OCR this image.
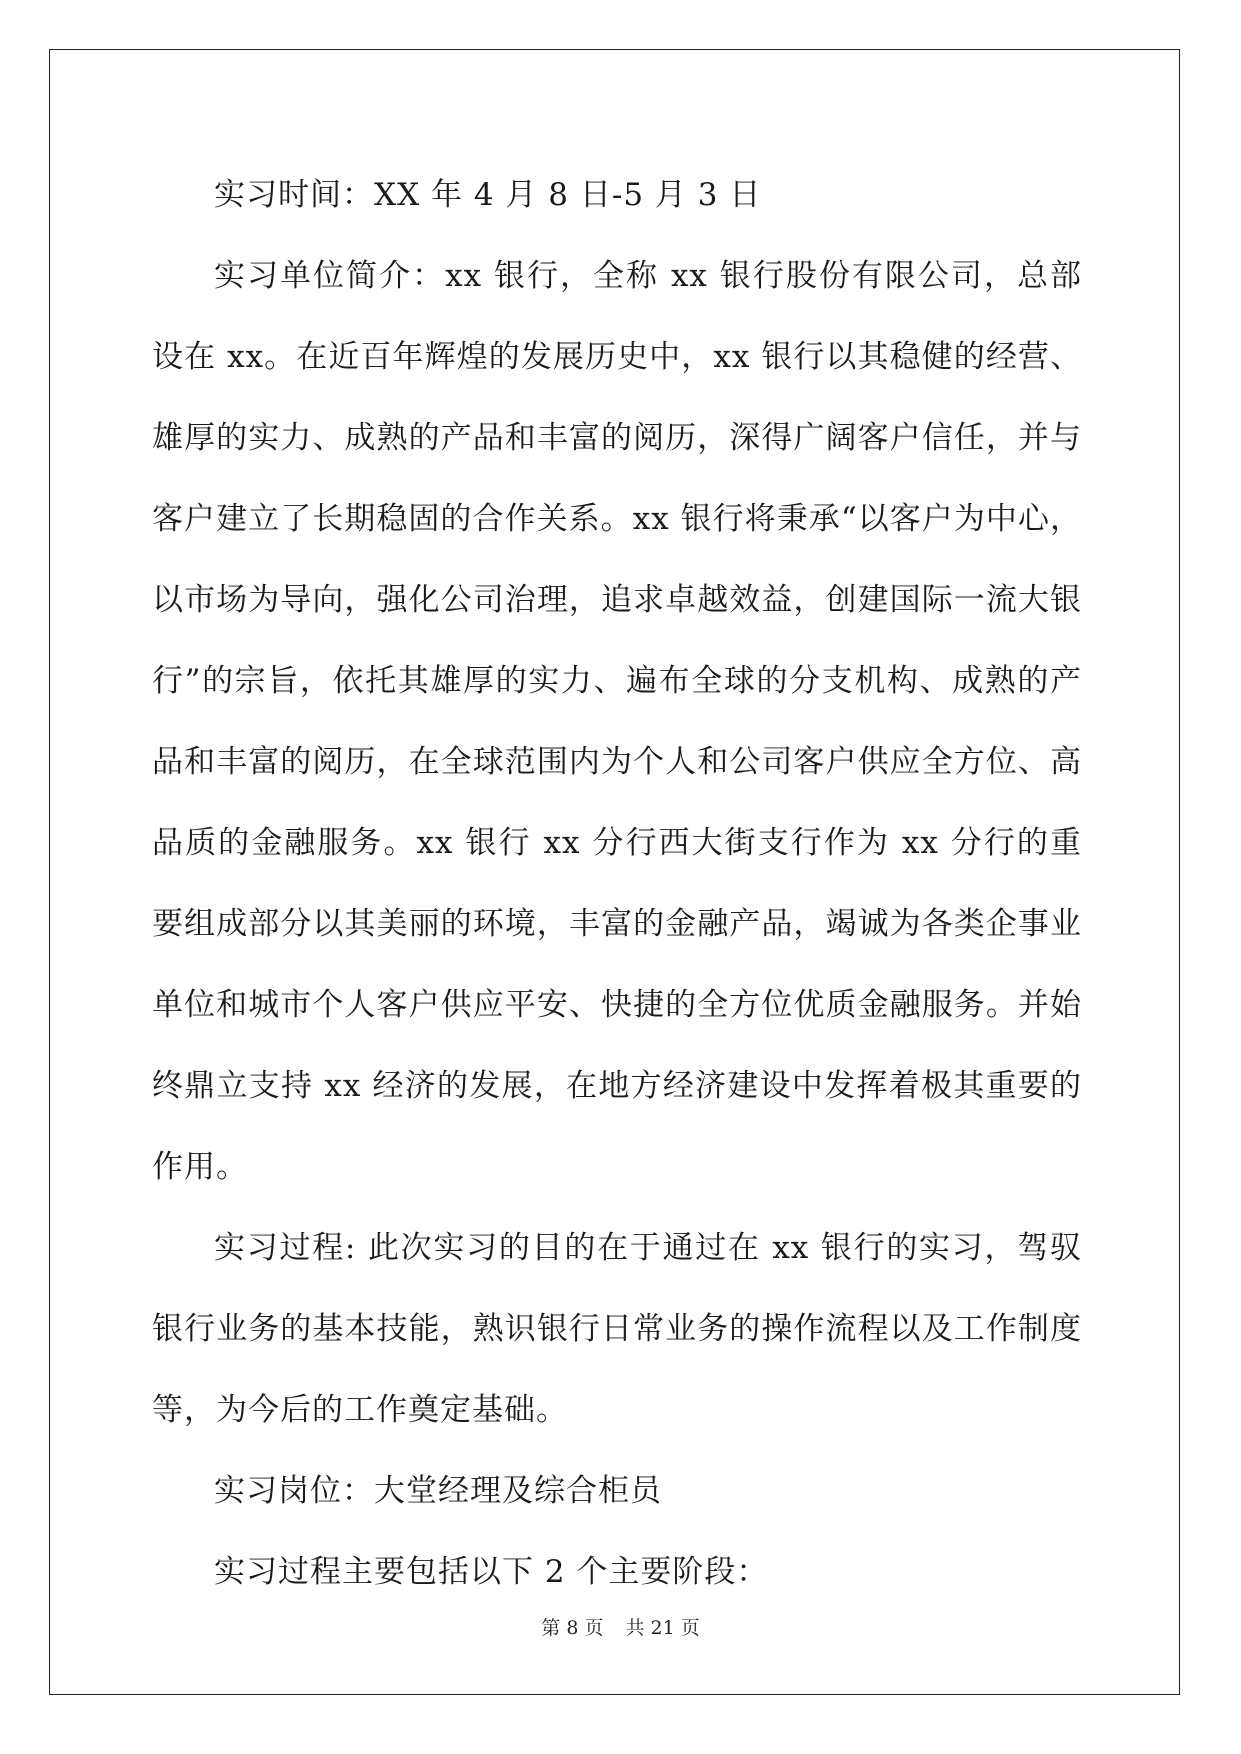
实习时间：XX 年 4 月 8 日-5 月 3 日

实习单位简介：xx 银行，全称 xx 银行股份有限公司，总部设在 xx。在近百年辉煌的发展历史中，xx 银行以其稳健的经营、雄厚的实力、成熟的产品和丰富的阅历，深得广阔客户信任，并与客户建立了长期稳固的合作关系。xx 银行将秉承“以客户为中心，以市场为导向，强化公司治理，追求卓越效益，创建国际一流大银行”的宗旨，依托其雄厚的实力、遍布全球的分支机构、成熟的产品和丰富的阅历，在全球范围内为个人和公司客户供应全方位、高品质的金融服务。xx 银行 xx 分行西大街支行作为 xx 分行的重要组成部分以其美丽的环境，丰富的金融产品，竭诚为各类企事业单位和城市个人客户供应平安、快捷的全方位优质金融服务。并始终鼎立支持 xx 经济的发展，在地方经济建设中发挥着极其重要的作用。

实习过程: 此次实习的目的在于通过在 xx 银行的实习，驾驭银行业务的基本技能，熟识银行日常业务的操作流程以及工作制度等，为今后的工作奠定基础。

实习岗位：大堂经理及综合柜员

实习过程主要包括以下 2 个主要阶段：

第 8 页 共 21 页
